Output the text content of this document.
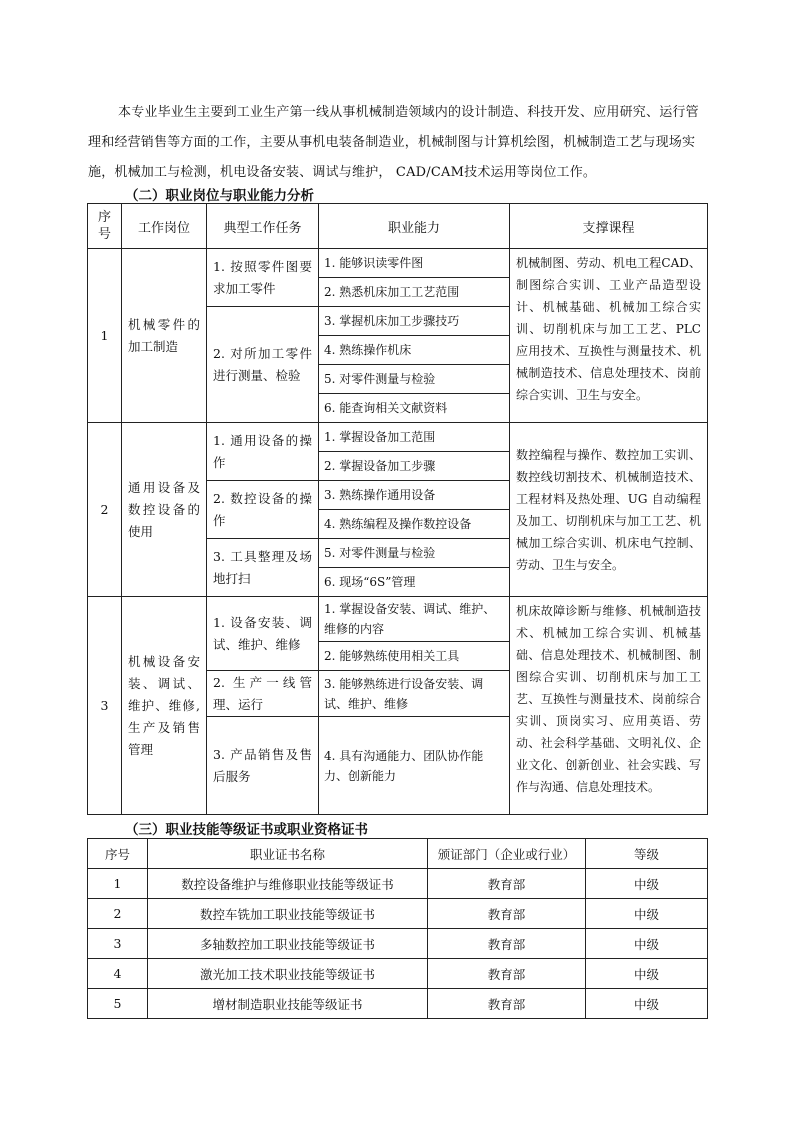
本专业毕业生主要到工业生产第一线从事机械制造领域内的设计制造、科技开发、应用研究、运行管理和经营销售等方面的工作，主要从事机电装备制造业，机械制图与计算机绘图，机械制造工艺与现场实施，机械加工与检测，机电设备安装、调试与维护， CAD/CAM技术运用等岗位工作。

（二）职业岗位与职业能力分析

序号	工作岗位	典型工作任务	职业能力	支撑课程
1	机械零件的加工制造	1. 按照零件图要求加工零件	1. 能够识读零件图	机械制图、劳动、机电工程CAD、制图综合实训、工业产品造型设计、机械基础、机械加工综合实训、切削机床与加工工艺、PLC 应用技术、互换性与测量技术、机械制造技术、信息处理技术、岗前综合实训、卫生与安全。
			2. 熟悉机床加工工艺范围	
		2. 对所加工零件进行测量、检验	3. 掌握机床加工步骤技巧	
			4. 熟练操作机床	
			5. 对零件测量与检验	
			6. 能查询相关文献资料	
2	通用设备及数控设备的使用	1. 通用设备的操作	1. 掌握设备加工范围	数控编程与操作、数控加工实训、数控线切割技术、机械制造技术、工程材料及热处理、UG 自动编程及加工、切削机床与加工工艺、机械加工综合实训、机床电气控制、劳动、卫生与安全。
			2. 掌握设备加工步骤	
		2. 数控设备的操作	3. 熟练操作通用设备	
			4. 熟练编程及操作数控设备	
		3. 工具整理及场地打扫	5. 对零件测量与检验	
			6. 现场“6S”管理	
3	机械设备安装、调试、维护、维修,生产及销售管理	1. 设备安装、调试、维护、维修	1. 掌握设备安装、调试、维护、维修的内容	机床故障诊断与维修、机械制造技术、机械加工综合实训、机械基础、信息处理技术、机械制图、制图综合实训、切削机床与加工工艺、互换性与测量技术、岗前综合实训、顶岗实习、应用英语、劳动、社会科学基础、文明礼仪、企业文化、创新创业、社会实践、写作与沟通、信息处理技术。
			2. 能够熟练使用相关工具	
		2. 生产一线管理、运行	3. 能够熟练进行设备安装、调试、维护、维修	
		3. 产品销售及售后服务	4. 具有沟通能力、团队协作能力、创新能力	

（三）职业技能等级证书或职业资格证书

序号	职业证书名称	颁证部门（企业或行业）	等级
1	数控设备维护与维修职业技能等级证书	教育部	中级
2	数控车铣加工职业技能等级证书	教育部	中级
3	多轴数控加工职业技能等级证书	教育部	中级
4	激光加工技术职业技能等级证书	教育部	中级
5	增材制造职业技能等级证书	教育部	中级
